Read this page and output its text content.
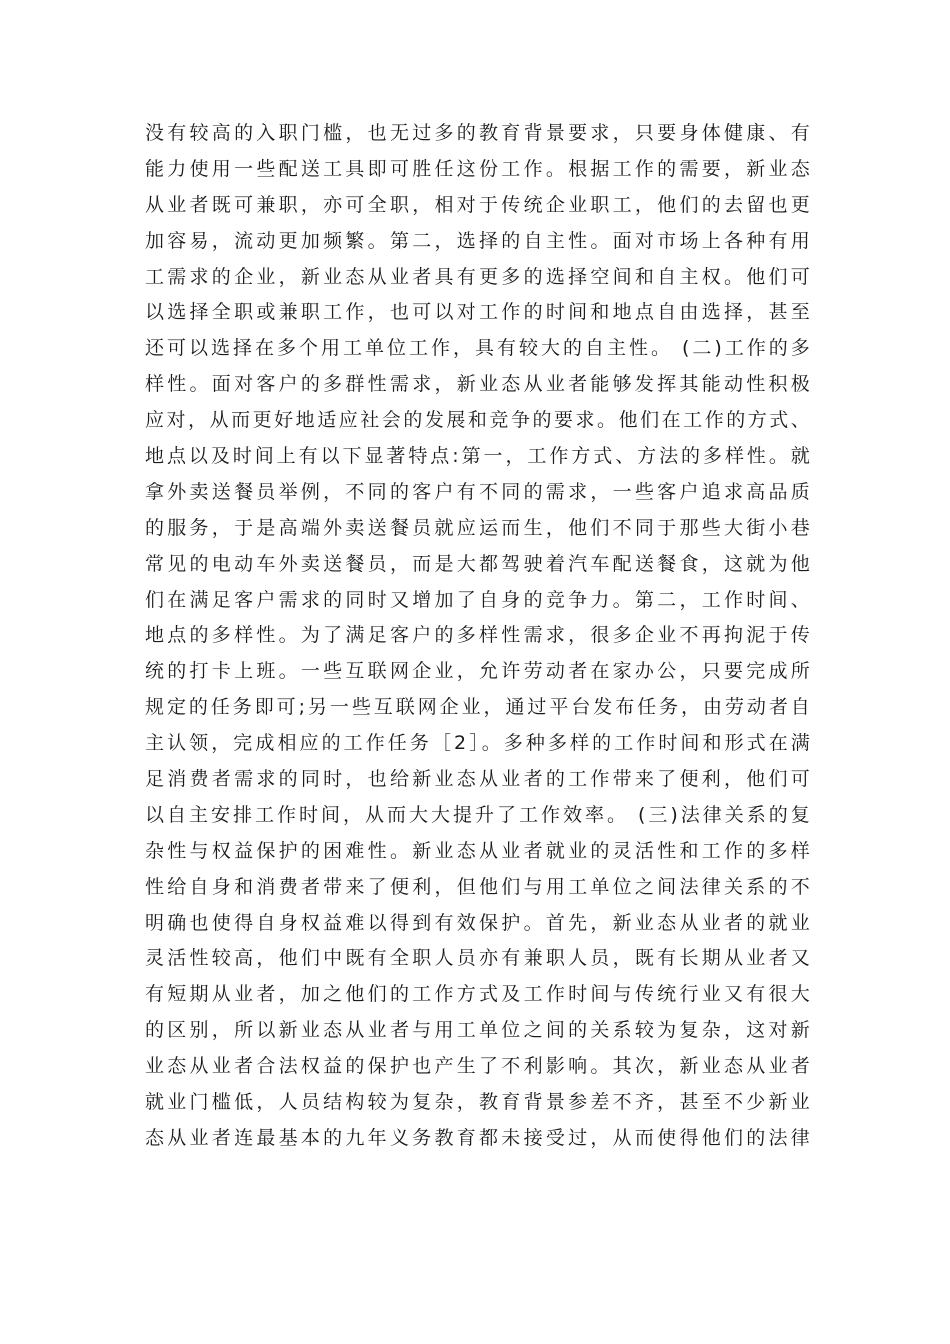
没有较高的入职门槛，也无过多的教育背景要求，只要身体健康、有
能力使用一些配送工具即可胜任这份工作。根据工作的需要，新业态
从业者既可兼职，亦可全职，相对于传统企业职工，他们的去留也更
加容易，流动更加频繁。第二，选择的自主性。面对市场上各种有用
工需求的企业，新业态从业者具有更多的选择空间和自主权。他们可
以选择全职或兼职工作，也可以对工作的时间和地点自由选择，甚至
还可以选择在多个用工单位工作，具有较大的自主性。 (二)工作的多
样性。面对客户的多群性需求，新业态从业者能够发挥其能动性积极
应对，从而更好地适应社会的发展和竞争的要求。他们在工作的方式、
地点以及时间上有以下显著特点:第一，工作方式、方法的多样性。就
拿外卖送餐员举例，不同的客户有不同的需求，一些客户追求高品质
的服务，于是高端外卖送餐员就应运而生，他们不同于那些大街小巷
常见的电动车外卖送餐员，而是大都驾驶着汽车配送餐食，这就为他
们在满足客户需求的同时又增加了自身的竞争力。第二，工作时间、
地点的多样性。为了满足客户的多样性需求，很多企业不再拘泥于传
统的打卡上班。一些互联网企业，允许劳动者在家办公，只要完成所
规定的任务即可;另一些互联网企业，通过平台发布任务，由劳动者自
主认领，完成相应的工作任务［2］。多种多样的工作时间和形式在满
足消费者需求的同时，也给新业态从业者的工作带来了便利，他们可
以自主安排工作时间，从而大大提升了工作效率。 (三)法律关系的复
杂性与权益保护的困难性。新业态从业者就业的灵活性和工作的多样
性给自身和消费者带来了便利，但他们与用工单位之间法律关系的不
明确也使得自身权益难以得到有效保护。首先，新业态从业者的就业
灵活性较高，他们中既有全职人员亦有兼职人员，既有长期从业者又
有短期从业者，加之他们的工作方式及工作时间与传统行业又有很大
的区别，所以新业态从业者与用工单位之间的关系较为复杂，这对新
业态从业者合法权益的保护也产生了不利影响。其次，新业态从业者
就业门槛低，人员结构较为复杂，教育背景参差不齐，甚至不少新业
态从业者连最基本的九年义务教育都未接受过，从而使得他们的法律
